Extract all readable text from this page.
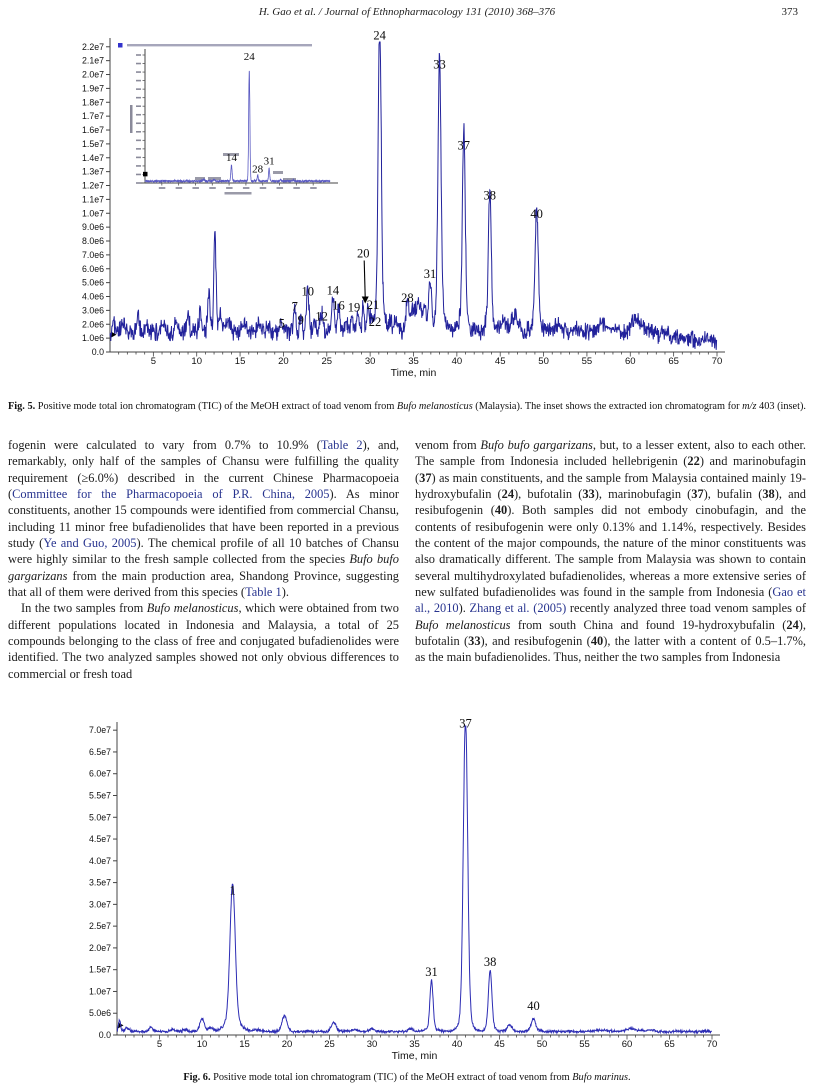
H. Gao et al. / Journal of Ethnopharmacology 131 (2010) 368–376	373
2.2e7
2.1e7
2.0e7
1.9e7
1.8e7
1.7e7
1.6e7
1.5e7
1.4e7
1.3e7
1.2e7
1.1e7
1.0e7
9.0e6
8.0e6
7.0e6
6.0e6
5.0e6
4.0e6
3.0e6
2.0e6
1.0e6
0.0
5	10	15	20	25	30	35	40	45	50	55	60	65	70
Time, min
5
7
9
10
12
14
16 19
20
21
22
24
28
31
33
37
38
40
14
24
28
31
Fig. 5. Positive mode total ion chromatogram (TIC) of the MeOH extract of toad venom from Bufo melanosticus (Malaysia). The inset shows the extracted ion chromatogram for m/z 403 (inset).

fogenin were calculated to vary from 0.7% to 10.9% (Table 2), and, remarkably, only half of the samples of Chansu were fulfilling the quality requirement (≥6.0%) described in the current Chinese Pharmacopoeia (Committee for the Pharmacopoeia of P.R. China, 2005). As minor constituents, another 15 compounds were identified from commercial Chansu, including 11 minor free bufadienolides that have been reported in a previous study (Ye and Guo, 2005). The chemical profile of all 10 batches of Chansu were highly similar to the fresh sample collected from the species Bufo bufo gargarizans from the main production area, Shandong Province, suggesting that all of them were derived from this species (Table 1).

In the two samples from Bufo melanosticus, which were obtained from two different populations located in Indonesia and Malaysia, a total of 25 compounds belonging to the class of free and conjugated bufadienolides were identified. The two analyzed samples showed not only obvious differences to commercial or fresh toad

venom from Bufo bufo gargarizans, but, to a lesser extent, also to each other. The sample from Indonesia included hellebrigenin (22) and marinobufagin (37) as main constituents, and the sample from Malaysia contained mainly 19-hydroxybufalin (24), bufotalin (33), marinobufagin (37), bufalin (38), and resibufogenin (40). Both samples did not embody cinobufagin, and the contents of resibufogenin were only 0.13% and 1.14%, respectively. Besides the content of the major compounds, the nature of the minor constituents was also dramatically different. The sample from Malaysia was shown to contain several multihydroxylated bufadienolides, whereas a more extensive series of new sulfated bufadienolides was found in the sample from Indonesia (Gao et al., 2010). Zhang et al. (2005) recently analyzed three toad venom samples of Bufo melanosticus from south China and found 19-hydroxybufalin (24), bufotalin (33), and resibufogenin (40), the latter with a content of 0.5–1.7%, as the main bufadienolides. Thus, neither the two samples from Indonesia

7.0e7
6.5e7
6.0e7
5.5e7
5.0e7
4.5e7
4.0e7
3.5e7
3.0e7
2.5e7
2.0e7
1.5e7
1.0e7
5.0e6
0.0
5	10	15	20	25	30	35	40	45	50	55	60	65	70
Time, min
1
31
37
38
40
Fig. 6. Positive mode total ion chromatogram (TIC) of the MeOH extract of toad venom from Bufo marinus.
